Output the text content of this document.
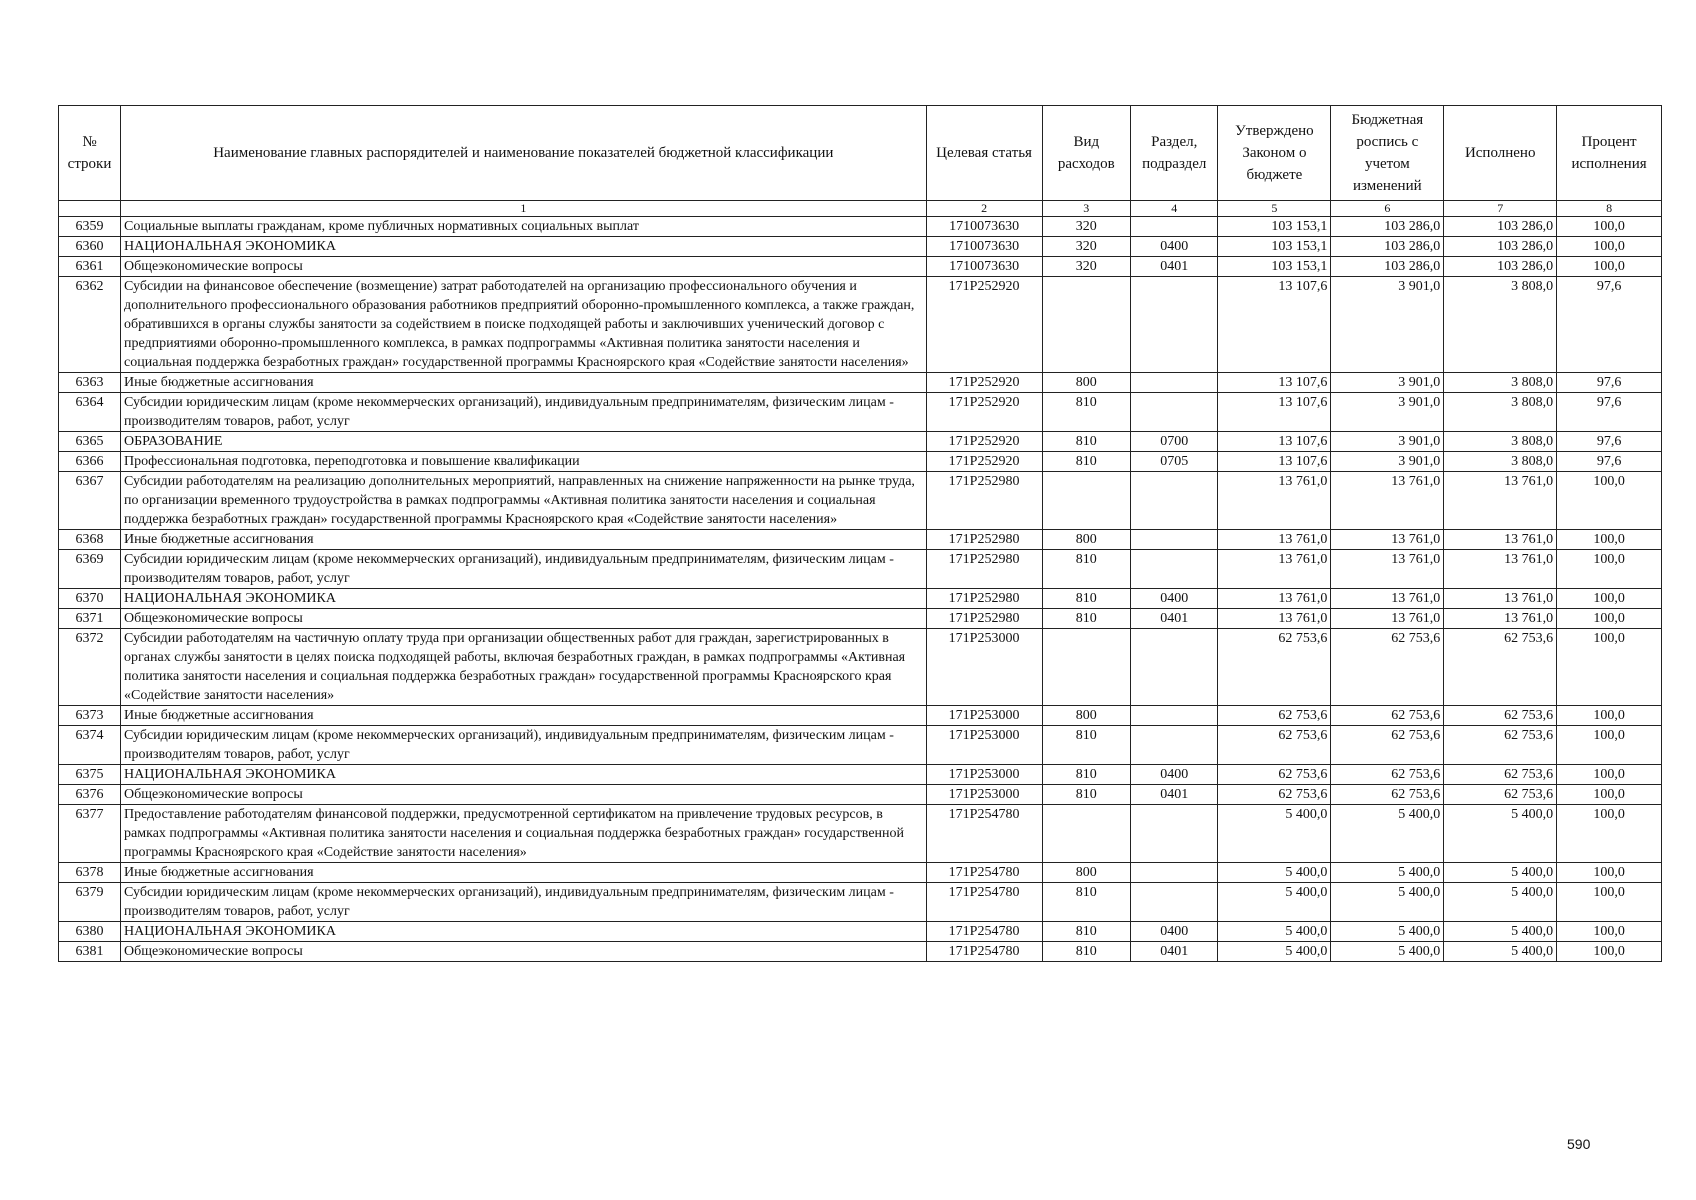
№ строки	Наименование главных распорядителей и наименование показателей бюджетной классификации	Целевая статья	Вид расходов	Раздел, подраздел	Утверждено Законом о бюджете	Бюджетная роспись с учетом изменений	Исполнено	Процент исполнения
	1	2	3	4	5	6	7	8
6359	Социальные выплаты гражданам, кроме публичных нормативных социальных выплат	1710073630	320		103 153,1	103 286,0	103 286,0	100,0
6360	НАЦИОНАЛЬНАЯ ЭКОНОМИКА	1710073630	320	0400	103 153,1	103 286,0	103 286,0	100,0
6361	Общеэкономические вопросы	1710073630	320	0401	103 153,1	103 286,0	103 286,0	100,0
6362	Субсидии на финансовое обеспечение (возмещение) затрат работодателей на организацию профессионального обучения и дополнительного профессионального образования работников предприятий оборонно-промышленного комплекса, а также граждан, обратившихся в органы службы занятости за содействием в поиске подходящей работы и заключивших ученический договор с предприятиями оборонно-промышленного комплекса, в рамках подпрограммы «Активная политика занятости населения и социальная поддержка безработных граждан» государственной программы Красноярского края «Содействие занятости населения»	171P252920			13 107,6	3 901,0	3 808,0	97,6
6363	Иные бюджетные ассигнования	171P252920	800		13 107,6	3 901,0	3 808,0	97,6
6364	Субсидии юридическим лицам (кроме некоммерческих организаций), индивидуальным предпринимателям, физическим лицам - производителям товаров, работ, услуг	171P252920	810		13 107,6	3 901,0	3 808,0	97,6
6365	ОБРАЗОВАНИЕ	171P252920	810	0700	13 107,6	3 901,0	3 808,0	97,6
6366	Профессиональная подготовка, переподготовка и повышение квалификации	171P252920	810	0705	13 107,6	3 901,0	3 808,0	97,6
6367	Субсидии работодателям на реализацию дополнительных мероприятий, направленных на снижение напряженности на рынке труда, по организации временного трудоустройства в рамках подпрограммы «Активная политика занятости населения и социальная поддержка безработных граждан» государственной программы Красноярского края «Содействие занятости населения»	171P252980			13 761,0	13 761,0	13 761,0	100,0
6368	Иные бюджетные ассигнования	171P252980	800		13 761,0	13 761,0	13 761,0	100,0
6369	Субсидии юридическим лицам (кроме некоммерческих организаций), индивидуальным предпринимателям, физическим лицам - производителям товаров, работ, услуг	171P252980	810		13 761,0	13 761,0	13 761,0	100,0
6370	НАЦИОНАЛЬНАЯ ЭКОНОМИКА	171P252980	810	0400	13 761,0	13 761,0	13 761,0	100,0
6371	Общеэкономические вопросы	171P252980	810	0401	13 761,0	13 761,0	13 761,0	100,0
6372	Субсидии работодателям на частичную оплату труда при организации общественных работ для граждан, зарегистрированных в органах службы занятости в целях поиска подходящей работы, включая безработных граждан, в рамках подпрограммы «Активная политика занятости населения и социальная поддержка безработных граждан» государственной программы Красноярского края «Содействие занятости населения»	171P253000			62 753,6	62 753,6	62 753,6	100,0
6373	Иные бюджетные ассигнования	171P253000	800		62 753,6	62 753,6	62 753,6	100,0
6374	Субсидии юридическим лицам (кроме некоммерческих организаций), индивидуальным предпринимателям, физическим лицам - производителям товаров, работ, услуг	171P253000	810		62 753,6	62 753,6	62 753,6	100,0
6375	НАЦИОНАЛЬНАЯ ЭКОНОМИКА	171P253000	810	0400	62 753,6	62 753,6	62 753,6	100,0
6376	Общеэкономические вопросы	171P253000	810	0401	62 753,6	62 753,6	62 753,6	100,0
6377	Предоставление работодателям финансовой поддержки, предусмотренной сертификатом на привлечение трудовых ресурсов, в рамках подпрограммы «Активная политика занятости населения и социальная поддержка безработных граждан» государственной программы Красноярского края «Содействие занятости населения»	171P254780			5 400,0	5 400,0	5 400,0	100,0
6378	Иные бюджетные ассигнования	171P254780	800		5 400,0	5 400,0	5 400,0	100,0
6379	Субсидии юридическим лицам (кроме некоммерческих организаций), индивидуальным предпринимателям, физическим лицам - производителям товаров, работ, услуг	171P254780	810		5 400,0	5 400,0	5 400,0	100,0
6380	НАЦИОНАЛЬНАЯ ЭКОНОМИКА	171P254780	810	0400	5 400,0	5 400,0	5 400,0	100,0
6381	Общеэкономические вопросы	171P254780	810	0401	5 400,0	5 400,0	5 400,0	100,0
590
